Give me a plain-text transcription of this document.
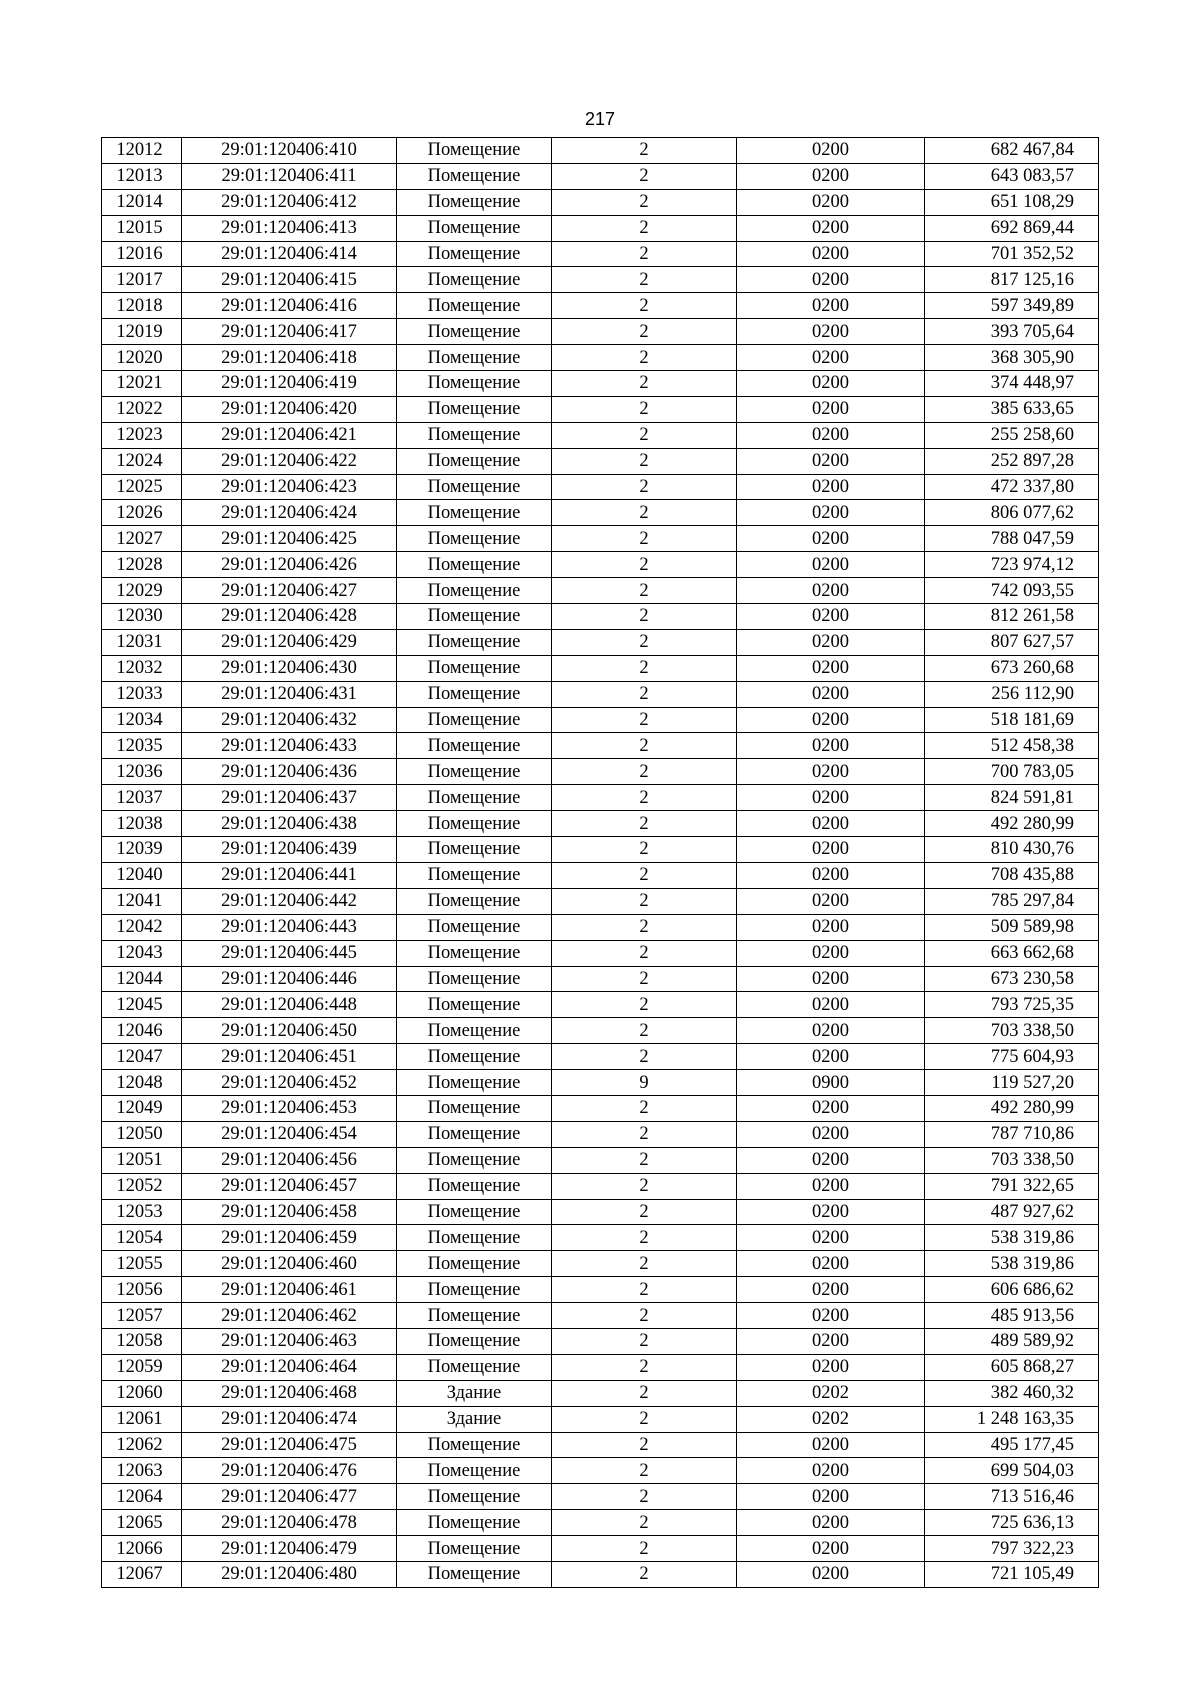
217
12012	29:01:120406:410	Помещение	2	0200	682 467,84
12013	29:01:120406:411	Помещение	2	0200	643 083,57
12014	29:01:120406:412	Помещение	2	0200	651 108,29
12015	29:01:120406:413	Помещение	2	0200	692 869,44
12016	29:01:120406:414	Помещение	2	0200	701 352,52
12017	29:01:120406:415	Помещение	2	0200	817 125,16
12018	29:01:120406:416	Помещение	2	0200	597 349,89
12019	29:01:120406:417	Помещение	2	0200	393 705,64
12020	29:01:120406:418	Помещение	2	0200	368 305,90
12021	29:01:120406:419	Помещение	2	0200	374 448,97
12022	29:01:120406:420	Помещение	2	0200	385 633,65
12023	29:01:120406:421	Помещение	2	0200	255 258,60
12024	29:01:120406:422	Помещение	2	0200	252 897,28
12025	29:01:120406:423	Помещение	2	0200	472 337,80
12026	29:01:120406:424	Помещение	2	0200	806 077,62
12027	29:01:120406:425	Помещение	2	0200	788 047,59
12028	29:01:120406:426	Помещение	2	0200	723 974,12
12029	29:01:120406:427	Помещение	2	0200	742 093,55
12030	29:01:120406:428	Помещение	2	0200	812 261,58
12031	29:01:120406:429	Помещение	2	0200	807 627,57
12032	29:01:120406:430	Помещение	2	0200	673 260,68
12033	29:01:120406:431	Помещение	2	0200	256 112,90
12034	29:01:120406:432	Помещение	2	0200	518 181,69
12035	29:01:120406:433	Помещение	2	0200	512 458,38
12036	29:01:120406:436	Помещение	2	0200	700 783,05
12037	29:01:120406:437	Помещение	2	0200	824 591,81
12038	29:01:120406:438	Помещение	2	0200	492 280,99
12039	29:01:120406:439	Помещение	2	0200	810 430,76
12040	29:01:120406:441	Помещение	2	0200	708 435,88
12041	29:01:120406:442	Помещение	2	0200	785 297,84
12042	29:01:120406:443	Помещение	2	0200	509 589,98
12043	29:01:120406:445	Помещение	2	0200	663 662,68
12044	29:01:120406:446	Помещение	2	0200	673 230,58
12045	29:01:120406:448	Помещение	2	0200	793 725,35
12046	29:01:120406:450	Помещение	2	0200	703 338,50
12047	29:01:120406:451	Помещение	2	0200	775 604,93
12048	29:01:120406:452	Помещение	9	0900	119 527,20
12049	29:01:120406:453	Помещение	2	0200	492 280,99
12050	29:01:120406:454	Помещение	2	0200	787 710,86
12051	29:01:120406:456	Помещение	2	0200	703 338,50
12052	29:01:120406:457	Помещение	2	0200	791 322,65
12053	29:01:120406:458	Помещение	2	0200	487 927,62
12054	29:01:120406:459	Помещение	2	0200	538 319,86
12055	29:01:120406:460	Помещение	2	0200	538 319,86
12056	29:01:120406:461	Помещение	2	0200	606 686,62
12057	29:01:120406:462	Помещение	2	0200	485 913,56
12058	29:01:120406:463	Помещение	2	0200	489 589,92
12059	29:01:120406:464	Помещение	2	0200	605 868,27
12060	29:01:120406:468	Здание	2	0202	382 460,32
12061	29:01:120406:474	Здание	2	0202	1 248 163,35
12062	29:01:120406:475	Помещение	2	0200	495 177,45
12063	29:01:120406:476	Помещение	2	0200	699 504,03
12064	29:01:120406:477	Помещение	2	0200	713 516,46
12065	29:01:120406:478	Помещение	2	0200	725 636,13
12066	29:01:120406:479	Помещение	2	0200	797 322,23
12067	29:01:120406:480	Помещение	2	0200	721 105,49
